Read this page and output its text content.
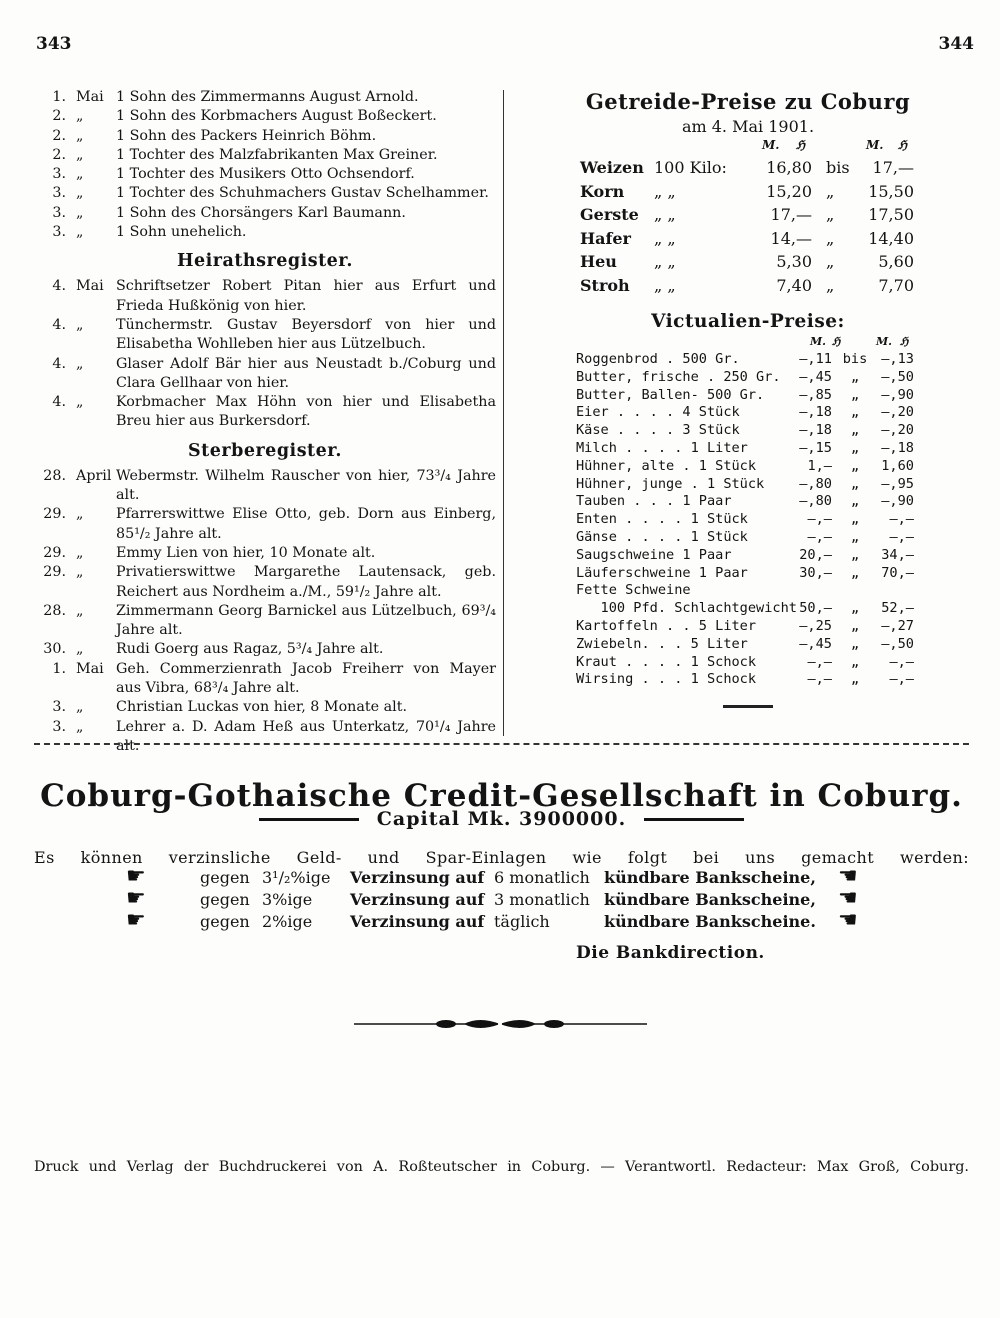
343	344
1. Mai 1 Sohn des Zimmermanns August Arnold.
2. „	1 Sohn des Korbmachers August Boßeckert.
2. „	1 Sohn des Packers Heinrich Böhm.
2. „	1 Tochter des Malzfabrikanten Max Greiner.
3. „	1 Tochter des Musikers Otto Ochsendorf.
3. „	1 Tochter des Schuhmachers Gustav Schelhammer.
3. „	1 Sohn des Chorsängers Karl Baumann.
3. „	1 Sohn unehelich.
Heirathsregister.
4. Mai Schriftsetzer Robert Pitan hier aus Erfurt und Frieda Hußkönig von hier.
4. „	Tünchermstr. Gustav Beyersdorf von hier und Elisabetha Wohlleben hier aus Lützelbuch.
4. „	Glaser Adolf Bär hier aus Neustadt b./Coburg und Clara Gellhaar von hier.
4. „	Korbmacher Max Höhn von hier und Elisabetha Breu hier aus Burkersdorf.
Sterberegister.
28. April Webermstr. Wilhelm Rauscher von hier, 73³/₄ Jahre alt.
29. „	Pfarrerswittwe Elise Otto, geb. Dorn aus Einberg, 85¹/₂ Jahre alt.
29. „	Emmy Lien von hier, 10 Monate alt.
29. „	Privatierswittwe Margarethe Lautensack, geb. Reichert aus Nordheim a./M., 59¹/₂ Jahre alt.
28. „	Zimmermann Georg Barnickel aus Lützelbuch, 69³/₄ Jahre alt.
30. „	Rudi Goerg aus Ragaz, 5³/₄ Jahre alt.
1. Mai Geh. Commerzienrath Jacob Freiherr von Mayer aus Vibra, 68³/₄ Jahre alt.
3. „	Christian Luckas von hier, 8 Monate alt.
3. „	Lehrer a. D. Adam Heß aus Unterkatz, 70¹/₄ Jahre alt.
Getreide-Preise zu Coburg
am 4. Mai 1901.
M. ℌ	M. ℌ
Weizen 100 Kilo:	16,80 bis	17,—
Korn „ „	15,20 „ 15,50
Gerste „ „	17,— „ 17,50
Hafer „ „	14,— „ 14,40
Heu „ „	5,30 „	5,60
Stroh „ „	7,40 „	7,70
Victualien-Preise:
M. ℌ	M. ℌ
Roggenbrod . 500 Gr.	—,11 bis	—,13
Butter, frische . 250 Gr.	—,45	„	—,50
Butter, Ballen- 500 Gr.	—,85	„	—,90
Eier . . . . 4 Stück	—,18	„	—,20
Käse . . . . 3 Stück	—,18	„	—,20
Milch . . . . 1 Liter	—,15	„	—,18
Hühner, alte . 1 Stück	1,—	„	1,60
Hühner, junge . 1 Stück	—,80	„	—,95
Tauben . . . 1 Paar	—,80	„	—,90
Enten . . . . 1 Stück	—,—	„	—,—
Gänse . . . . 1 Stück	—,—	„	—,—
Saugschweine 1 Paar	20,—	„	34,—
Läuferschweine 1 Paar	30,—	„	70,—
Fette Schweine
100 Pfd. Schlachtgewicht 50,—	„	52,—
Kartoffeln . . 5 Liter	—,25	„	—,27
Zwiebeln. . . 5 Liter	—,45	„	—,50
Kraut . . . . 1 Schock	—,—	„	—,—
Wirsing . . . 1 Schock	—,—	„	—,—
Coburg-Gothaische Credit-Gesellschaft in Coburg.
Capital Mk. 3900000.
Es können verzinsliche Geld- und Spar-Einlagen wie folgt bei uns gemacht werden:
☛	gegen 3¹/₂%ige Verzinsung auf 6 monatlich kündbare Bankscheine, ☚
☛	gegen 3%ige Verzinsung auf 3 monatlich kündbare Bankscheine, ☚
☛	gegen 2%ige Verzinsung auf täglich	kündbare Bankscheine. ☚
Die Bankdirection.
Druck und Verlag der Buchdruckerei von A. Roßteutscher in Coburg. — Verantwortl. Redacteur: Max Groß, Coburg.
